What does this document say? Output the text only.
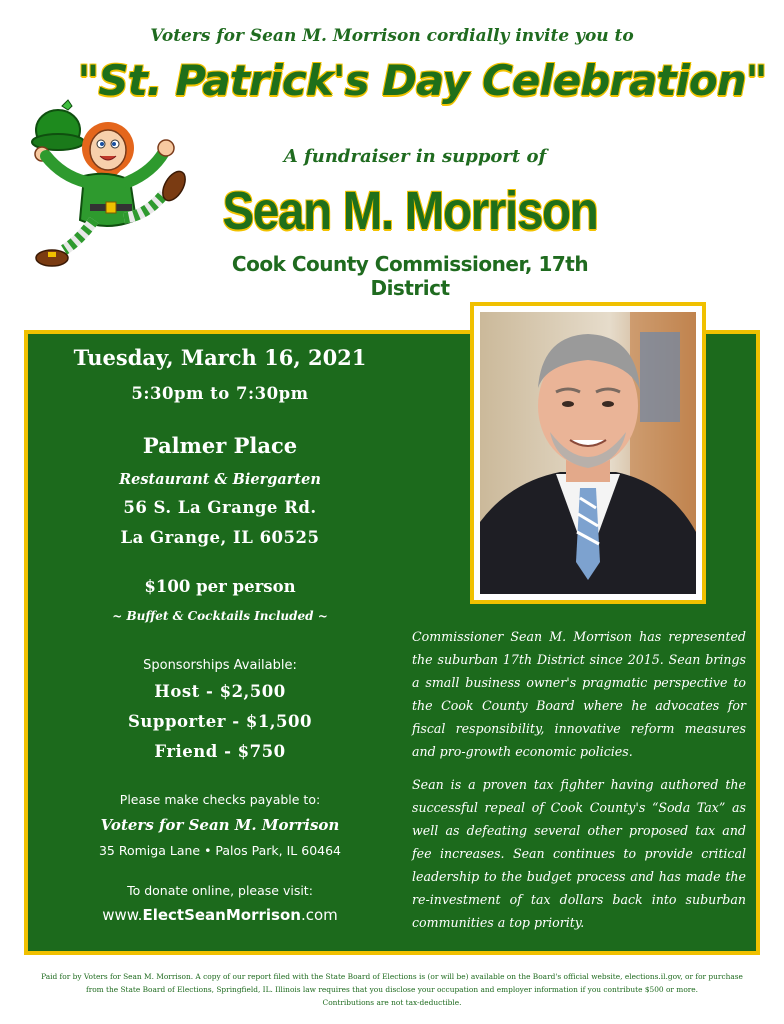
Voters for Sean M. Morrison cordially invite you to
"St. Patrick's Day Celebration"
A fundraiser in support of
Sean M. Morrison
Cook County Commissioner, 17th District
Tuesday, March 16, 2021
5:30pm to 7:30pm
Palmer Place
Restaurant & Biergarten
56 S. La Grange Rd.
La Grange, IL 60525
$100 per person
~ Buffet & Cocktails Included ~
Sponsorships Available:
Host - $2,500
Supporter - $1,500
Friend - $750
Please make checks payable to:
Voters for Sean M. Morrison
35 Romiga Lane • Palos Park, IL 60464
To donate online, please visit:
www.ElectSeanMorrison.com
Commissioner Sean M. Morrison has represented the suburban 17th District since 2015. Sean brings a small business owner's pragmatic perspective to the Cook County Board where he advocates for fiscal responsibility, innovative reform measures and pro-growth economic policies.
Sean is a proven tax fighter having authored the successful repeal of Cook County's “Soda Tax” as well as defeating several other proposed tax and fee increases. Sean continues to provide critical leadership to the budget process and has made the re-investment of tax dollars back into suburban communities a top priority.
Paid for by Voters for Sean M. Morrison. A copy of our report filed with the State Board of Elections is (or will be) available on the Board's official website, elections.il.gov, or for purchase from the State Board of Elections, Springfield, IL. Illinois law requires that you disclose your occupation and employer information if you contribute $500 or more.
Contributions are not tax-deductible.
